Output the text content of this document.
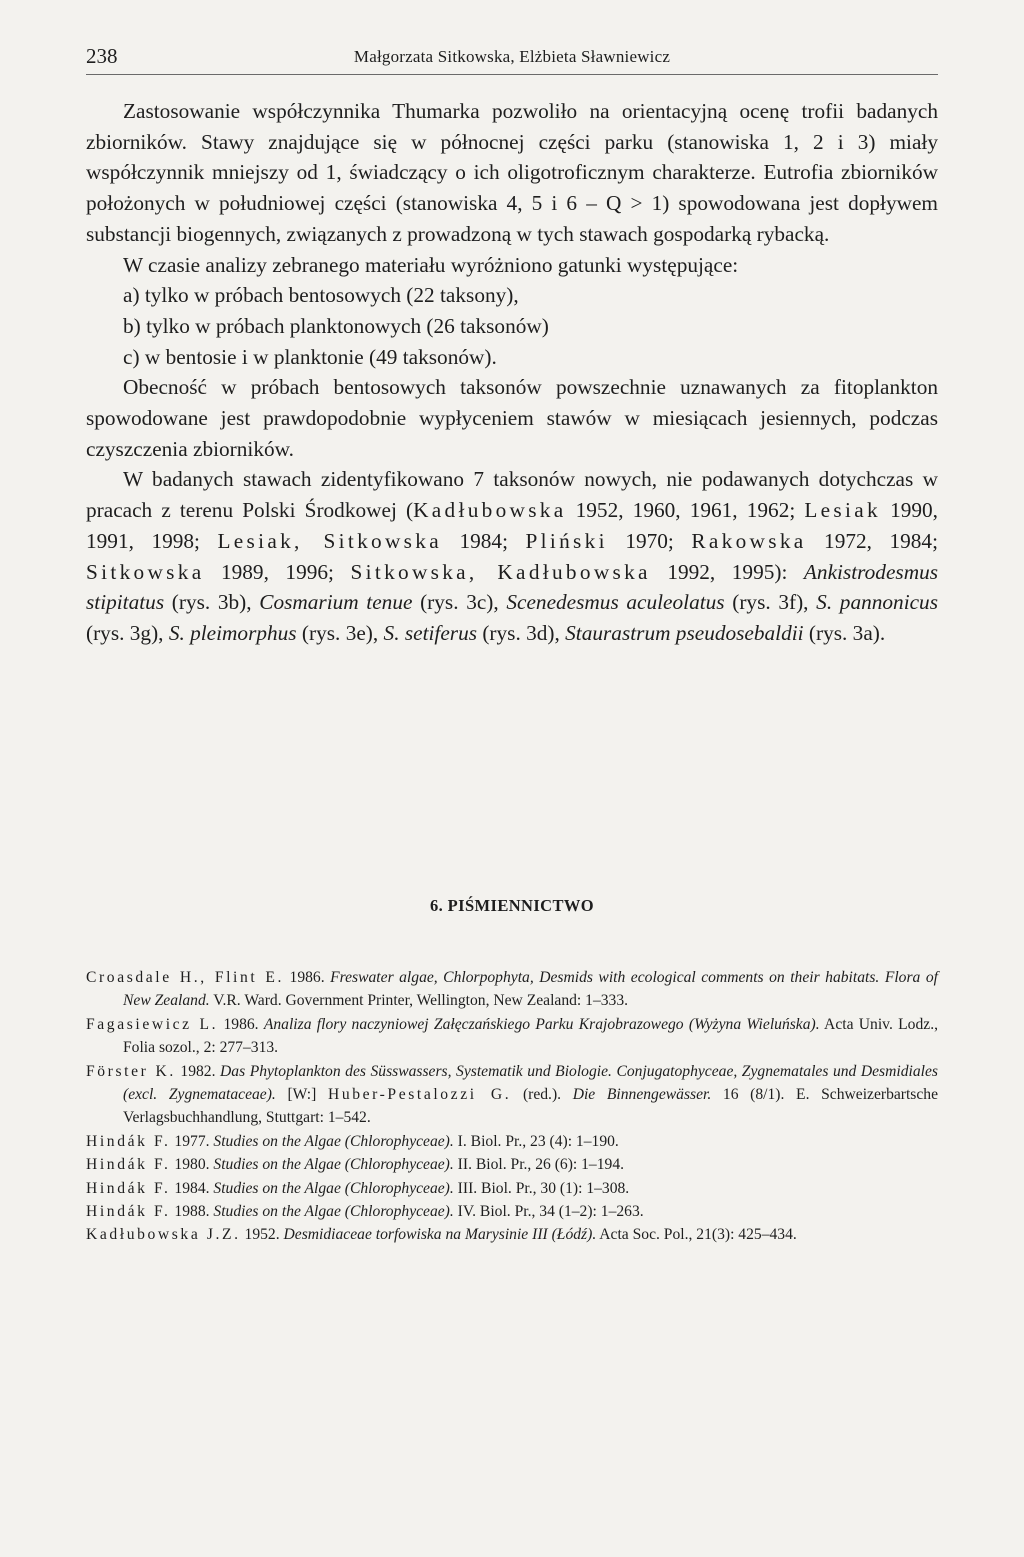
238	Małgorzata Sitkowska, Elżbieta Sławniewicz

Zastosowanie współczynnika Thumarka pozwoliło na orientacyjną ocenę trofii badanych zbiorników. Stawy znajdujące się w północnej części parku (stanowiska 1, 2 i 3) miały współczynnik mniejszy od 1, świadczący o ich oligotroficznym charakterze. Eutrofia zbiorników położonych w południowej części (stanowiska 4, 5 i 6 – Q > 1) spowodowana jest dopływem substancji biogennych, związanych z prowadzoną w tych stawach gospodarką rybacką.

W czasie analizy zebranego materiału wyróżniono gatunki występujące:

a) tylko w próbach bentosowych (22 taksony),

b) tylko w próbach planktonowych (26 taksonów)

c) w bentosie i w planktonie (49 taksonów).

Obecność w próbach bentosowych taksonów powszechnie uznawanych za fitoplankton spowodowane jest prawdopodobnie wypłyceniem stawów w miesiącach jesiennych, podczas czyszczenia zbiorników.

W badanych stawach zidentyfikowano 7 taksonów nowych, nie podawanych dotychczas w pracach z terenu Polski Środkowej (Kadłubowska 1952, 1960, 1961, 1962; Lesiak 1990, 1991, 1998; Lesiak, Sitkowska 1984; Pliński 1970; Rakowska 1972, 1984; Sitkowska 1989, 1996; Sitkowska, Kadłubowska 1992, 1995): Ankistrodesmus stipitatus (rys. 3b), Cosmarium tenue (rys. 3c), Scenedesmus aculeolatus (rys. 3f), S. pannonicus (rys. 3g), S. pleimorphus (rys. 3e), S. setiferus (rys. 3d), Staurastrum pseudosebaldii (rys. 3a).

6. PIŚMIENNICTWO

Croasdale H., Flint E. 1986. Freswater algae, Chlorpophyta, Desmids with ecological comments on their habitats. Flora of New Zealand. V.R. Ward. Government Printer, Wellington, New Zealand: 1–333.

Fagasiewicz L. 1986. Analiza flory naczyniowej Załęczańskiego Parku Krajobrazowego (Wyżyna Wieluńska). Acta Univ. Lodz., Folia sozol., 2: 277–313.

Förster K. 1982. Das Phytoplankton des Süsswassers, Systematik und Biologie. Conjugatophyceae, Zygnematales und Desmidiales (excl. Zygnemataceae). [W:] Huber-Pestalozzi G. (red.). Die Binnengewässer. 16 (8/1). E. Schweizerbartsche Verlagsbuchhandlung, Stuttgart: 1–542.

Hindák F. 1977. Studies on the Algae (Chlorophyceae). I. Biol. Pr., 23 (4): 1–190.

Hindák F. 1980. Studies on the Algae (Chlorophyceae). II. Biol. Pr., 26 (6): 1–194.

Hindák F. 1984. Studies on the Algae (Chlorophyceae). III. Biol. Pr., 30 (1): 1–308.

Hindák F. 1988. Studies on the Algae (Chlorophyceae). IV. Biol. Pr., 34 (1–2): 1–263.

Kadłubowska J.Z. 1952. Desmidiaceae torfowiska na Marysinie III (Łódź). Acta Soc. Pol., 21(3): 425–434.
